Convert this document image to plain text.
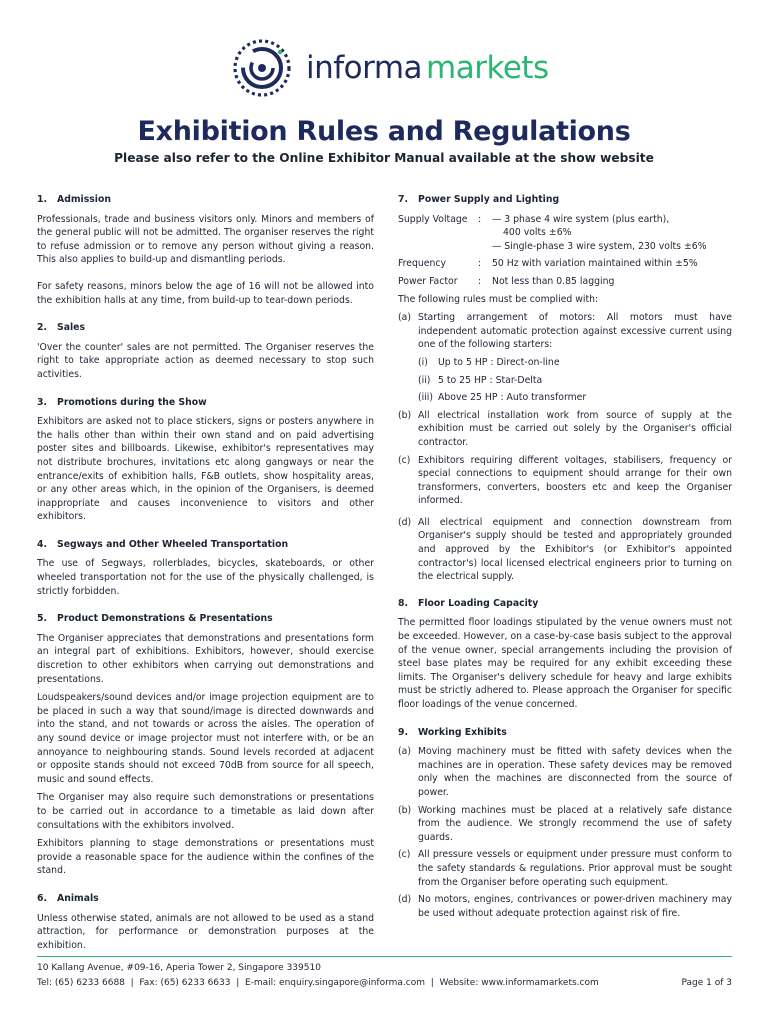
informa markets
Exhibition Rules and Regulations
Please also refer to the Online Exhibitor Manual available at the show website
1. Admission

Professionals, trade and business visitors only. Minors and members of the general public will not be admitted. The organiser reserves the right to refuse admission or to remove any person without giving a reason. This also applies to build-up and dismantling periods.

For safety reasons, minors below the age of 16 will not be allowed into the exhibition halls at any time, from build-up to tear-down periods.

2. Sales

'Over the counter' sales are not permitted. The Organiser reserves the right to take appropriate action as deemed necessary to stop such activities.

3. Promotions during the Show

Exhibitors are asked not to place stickers, signs or posters anywhere in the halls other than within their own stand and on paid advertising poster sites and billboards. Likewise, exhibitor's representatives may not distribute brochures, invitations etc along gangways or near the entrance/exits of exhibition halls, F&B outlets, show hospitality areas, or any other areas which, in the opinion of the Organisers, is deemed inappropriate and causes inconvenience to visitors and other exhibitors.

4. Segways and Other Wheeled Transportation

The use of Segways, rollerblades, bicycles, skateboards, or other wheeled transportation not for the use of the physically challenged, is strictly forbidden.

5. Product Demonstrations & Presentations

The Organiser appreciates that demonstrations and presentations form an integral part of exhibitions. Exhibitors, however, should exercise discretion to other exhibitors when carrying out demonstrations and presentations.

Loudspeakers/sound devices and/or image projection equipment are to be placed in such a way that sound/image is directed downwards and into the stand, and not towards or across the aisles. The operation of any sound device or image projector must not interfere with, or be an annoyance to neighbouring stands. Sound levels recorded at adjacent or opposite stands should not exceed 70dB from source for all speech, music and sound effects.

The Organiser may also require such demonstrations or presentations to be carried out in accordance to a timetable as laid down after consultations with the exhibitors involved.

Exhibitors planning to stage demonstrations or presentations must provide a reasonable space for the audience within the confines of the stand.

6. Animals

Unless otherwise stated, animals are not allowed to be used as a stand attraction, for performance or demonstration purposes at the exhibition.

7. Power Supply and Lighting
Supply Voltage	:	— 3 phase 4 wire system (plus earth),
400 volts ±6%
— Single-phase 3 wire system, 230 volts ±6%
Frequency	:	50 Hz with variation maintained within ±5%
Power Factor	:	Not less than 0.85 lagging

The following rules must be complied with:

(a) Starting arrangement of motors: All motors must have independent automatic protection against excessive current using one of the following starters:
(i)	Up to 5 HP : Direct-on-line
(ii) 5 to 25 HP : Star-Delta
(iii) Above 25 HP : Auto transformer
(b) All electrical installation work from source of supply at the exhibition must be carried out solely by the Organiser's official contractor.
(c) Exhibitors requiring different voltages, stabilisers, frequency or special connections to equipment should arrange for their own transformers, converters, boosters etc and keep the Organiser informed.
(d) All electrical equipment and connection downstream from Organiser's supply should be tested and appropriately grounded and approved by the Exhibitor's (or Exhibitor's appointed contractor's) local licensed electrical engineers prior to turning on the electrical supply.
8. Floor Loading Capacity

The permitted floor loadings stipulated by the venue owners must not be exceeded. However, on a case-by-case basis subject to the approval of the venue owner, special arrangements including the provision of steel base plates may be required for any exhibit exceeding these limits. The Organiser's delivery schedule for heavy and large exhibits must be strictly adhered to. Please approach the Organiser for specific floor loadings of the venue concerned.

9. Working Exhibits
(a) Moving machinery must be fitted with safety devices when the machines are in operation. These safety devices may be removed only when the machines are disconnected from the source of power.
(b) Working machines must be placed at a relatively safe distance from the audience. We strongly recommend the use of safety guards.
(c) All pressure vessels or equipment under pressure must conform to the safety standards & regulations. Prior approval must be sought from the Organiser before operating such equipment.
(d) No motors, engines, contrivances or power-driven machinery may be used without adequate protection against risk of fire.
10 Kallang Avenue, #09-16, Aperia Tower 2, Singapore 339510
Tel: (65) 6233 6688  |  Fax: (65) 6233 6633  |  E-mail: enquiry.singapore@informa.com  |  Website: www.informamarkets.com	Page 1 of 3
